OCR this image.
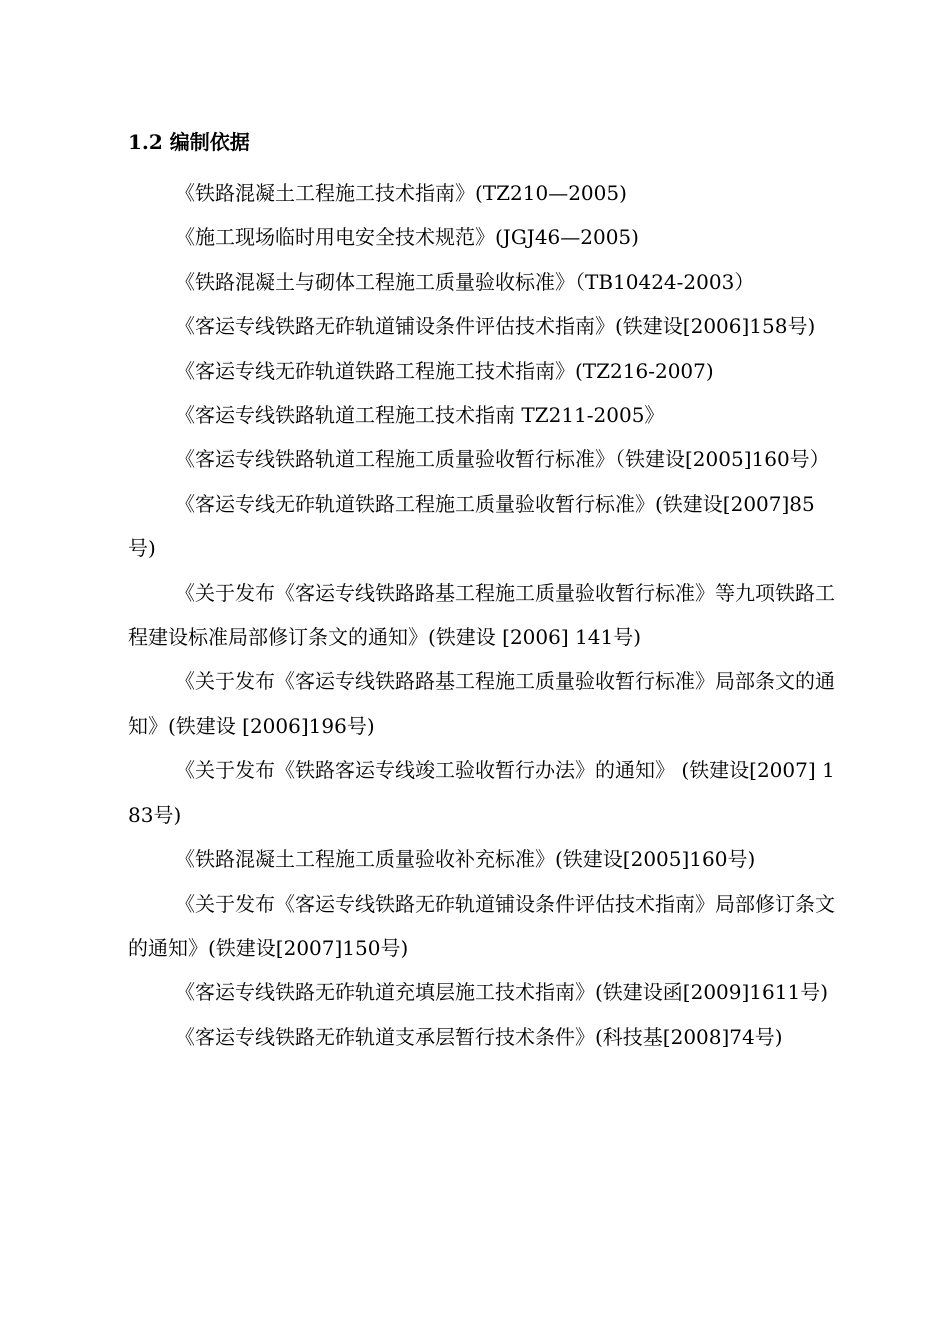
1.2 编制依据
《铁路混凝土工程施工技术指南》(TZ210—2005)
《施工现场临时用电安全技术规范》(JGJ46—2005)
《铁路混凝土与砌体工程施工质量验收标准》（TB10424-2003）
《客运专线铁路无砟轨道铺设条件评估技术指南》(铁建设[2006]158号)
《客运专线无砟轨道铁路工程施工技术指南》(TZ216-2007)
《客运专线铁路轨道工程施工技术指南 TZ211-2005》
《客运专线铁路轨道工程施工质量验收暂行标准》（铁建设[2005]160号）
《客运专线无砟轨道铁路工程施工质量验收暂行标准》(铁建设[2007]85号)
《关于发布《客运专线铁路路基工程施工质量验收暂行标准》等九项铁路工程建设标准局部修订条文的通知》(铁建设 [2006] 141号)
《关于发布《客运专线铁路路基工程施工质量验收暂行标准》局部条文的通知》(铁建设 [2006]196号)
《关于发布《铁路客运专线竣工验收暂行办法》的通知》 (铁建设[2007] 183号)
《铁路混凝土工程施工质量验收补充标准》(铁建设[2005]160号)
《关于发布《客运专线铁路无砟轨道铺设条件评估技术指南》局部修订条文的通知》(铁建设[2007]150号)
《客运专线铁路无砟轨道充填层施工技术指南》(铁建设函[2009]1611号)
《客运专线铁路无砟轨道支承层暂行技术条件》(科技基[2008]74号)
